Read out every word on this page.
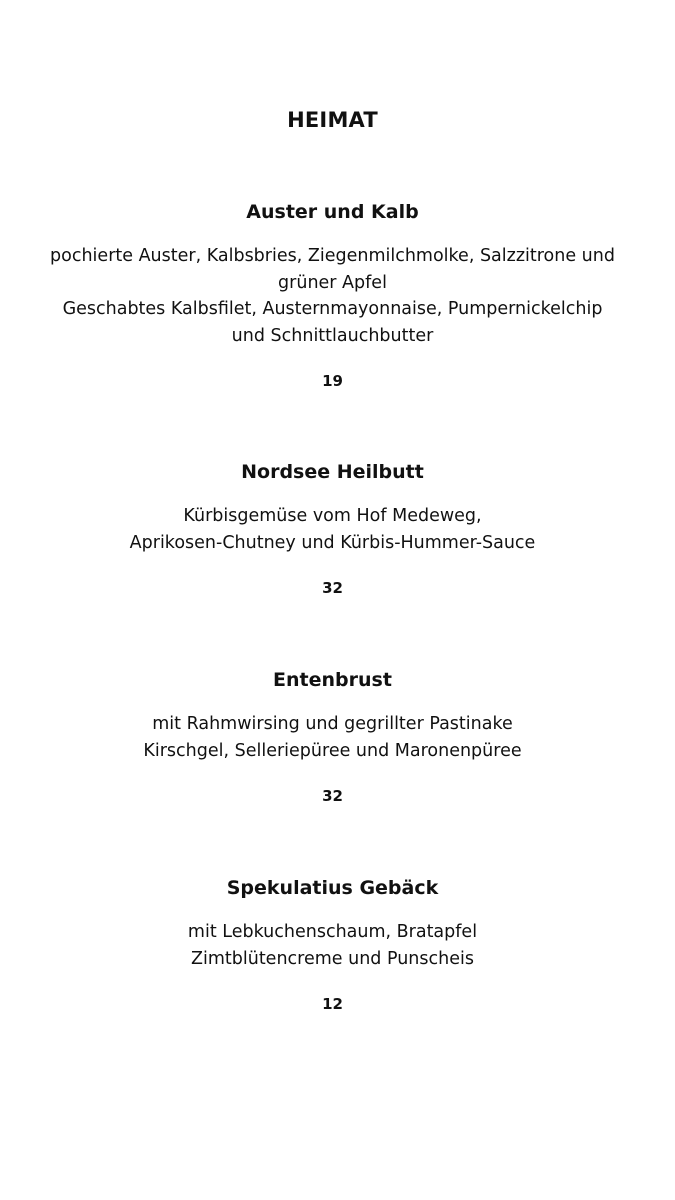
HEIMAT
Auster und Kalb
pochierte Auster, Kalbsbries, Ziegenmilchmolke, Salzzitrone und
grüner Apfel
Geschabtes Kalbsfilet, Austernmayonnaise, Pumpernickelchip
und Schnittlauchbutter
19
Nordsee Heilbutt
Kürbisgemüse vom Hof Medeweg,
Aprikosen-Chutney und Kürbis-Hummer-Sauce
32
Entenbrust
mit Rahmwirsing und gegrillter Pastinake
Kirschgel, Selleriepüree und Maronenpüree
32
Spekulatius Gebäck
mit Lebkuchenschaum, Bratapfel
Zimtblütencreme und Punscheis
12
